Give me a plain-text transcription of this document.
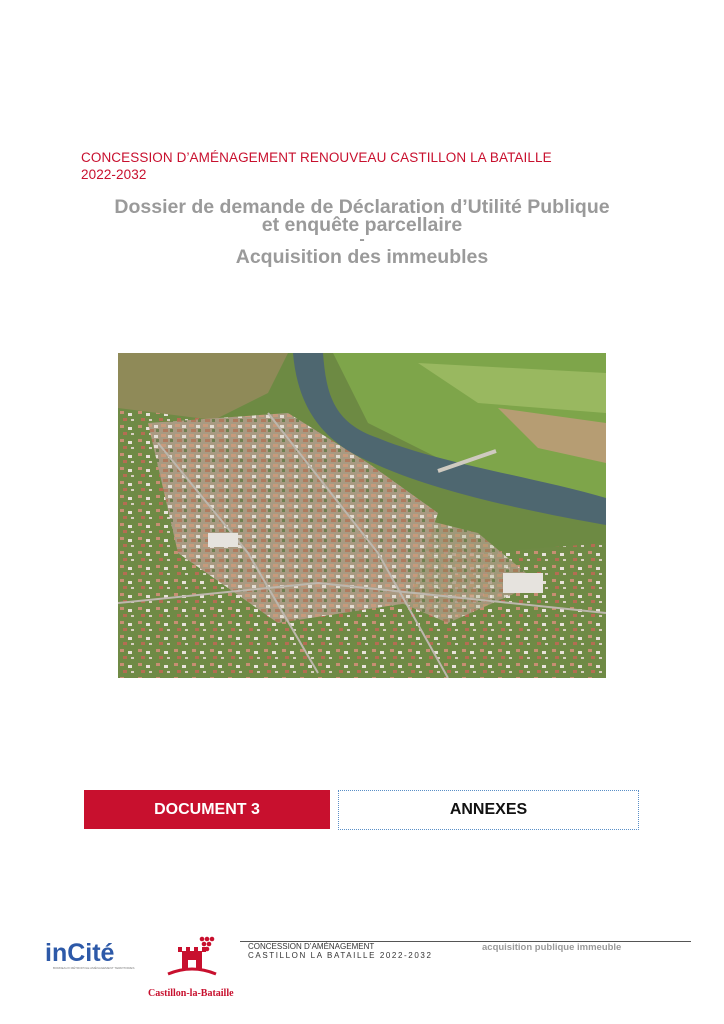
CONCESSION D’AMÉNAGEMENT RENOUVEAU CASTILLON LA BATAILLE
2022-2032
Dossier de demande de Déclaration d’Utilité Publique
et enquête parcellaire
-
Acquisition des immeubles
DOCUMENT 3	ANNEXES
inCité
BORDEAUX MÉTROPOLE AMÉNAGEMENT TERRITOIRES
Castillon-la-Bataille
CONCESSION D’AMÉNAGEMENT
CASTILLON LA BATAILLE 2022-2032
acquisition publique immeuble
